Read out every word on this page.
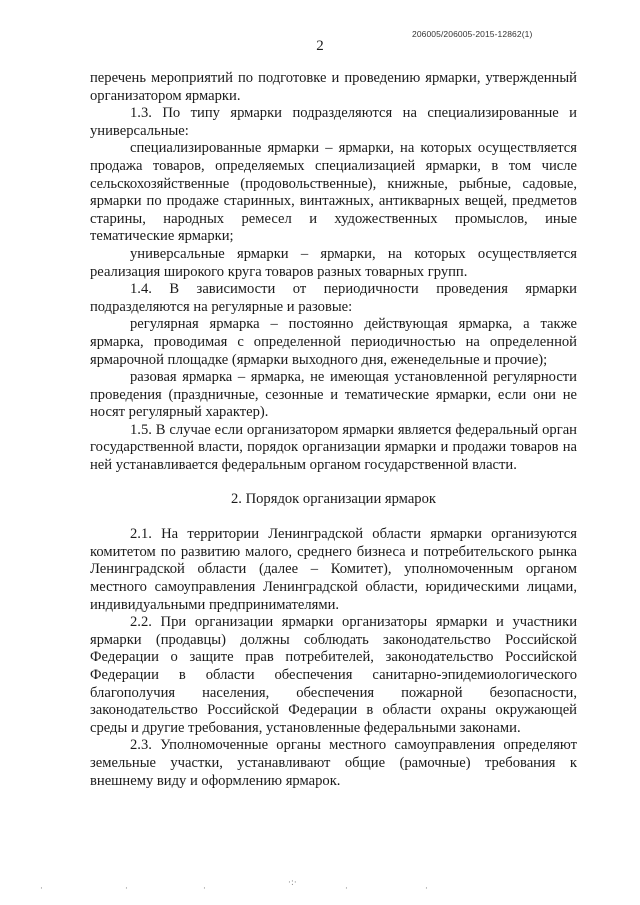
206005/206005-2015-12862(1)
2

перечень мероприятий по подготовке и проведению ярмарки, утвержденный организатором ярмарки.

1.3. По типу ярмарки подразделяются на специализированные и универсальные:

специализированные ярмарки – ярмарки, на которых осуществляется продажа товаров, определяемых специализацией ярмарки, в том числе сельскохозяйственные (продовольственные), книжные, рыбные, садовые, ярмарки по продаже старинных, винтажных, антикварных вещей, предметов старины, народных ремесел и художественных промыслов, иные тематические ярмарки;

универсальные ярмарки – ярмарки, на которых осуществляется реализация широкого круга товаров разных товарных групп.

1.4. В зависимости от периодичности проведения ярмарки подразделяются на регулярные и разовые:

регулярная ярмарка – постоянно действующая ярмарка, а также ярмарка, проводимая с определенной периодичностью на определенной ярмарочной площадке (ярмарки выходного дня, еженедельные и прочие);

разовая ярмарка – ярмарка, не имеющая установленной регулярности проведения (праздничные, сезонные и тематические ярмарки, если они не носят регулярный характер).

1.5. В случае если организатором ярмарки является федеральный орган государственной власти, порядок организации ярмарки и продажи товаров на ней устанавливается федеральным органом государственной власти.

2. Порядок организации ярмарок

2.1. На территории Ленинградской области ярмарки организуются комитетом по развитию малого, среднего бизнеса и потребительского рынка Ленинградской области (далее – Комитет), уполномоченным органом местного самоуправления Ленинградской области, юридическими лицами, индивидуальными предпринимателями.

2.2. При организации ярмарки организаторы ярмарки и участники ярмарки (продавцы) должны соблюдать законодательство Российской Федерации о защите прав потребителей, законодательство Российской Федерации в области обеспечения санитарно-эпидемиологического благополучия населения, обеспечения пожарной безопасности, законодательство Российской Федерации в области охраны окружающей среды и другие требования, установленные федеральными законами.

2.3. Уполномоченные органы местного самоуправления определяют земельные участки, устанавливают общие (рамочные) требования к внешнему виду и оформлению ярмарок.

·	·	·
·:·
·	·
